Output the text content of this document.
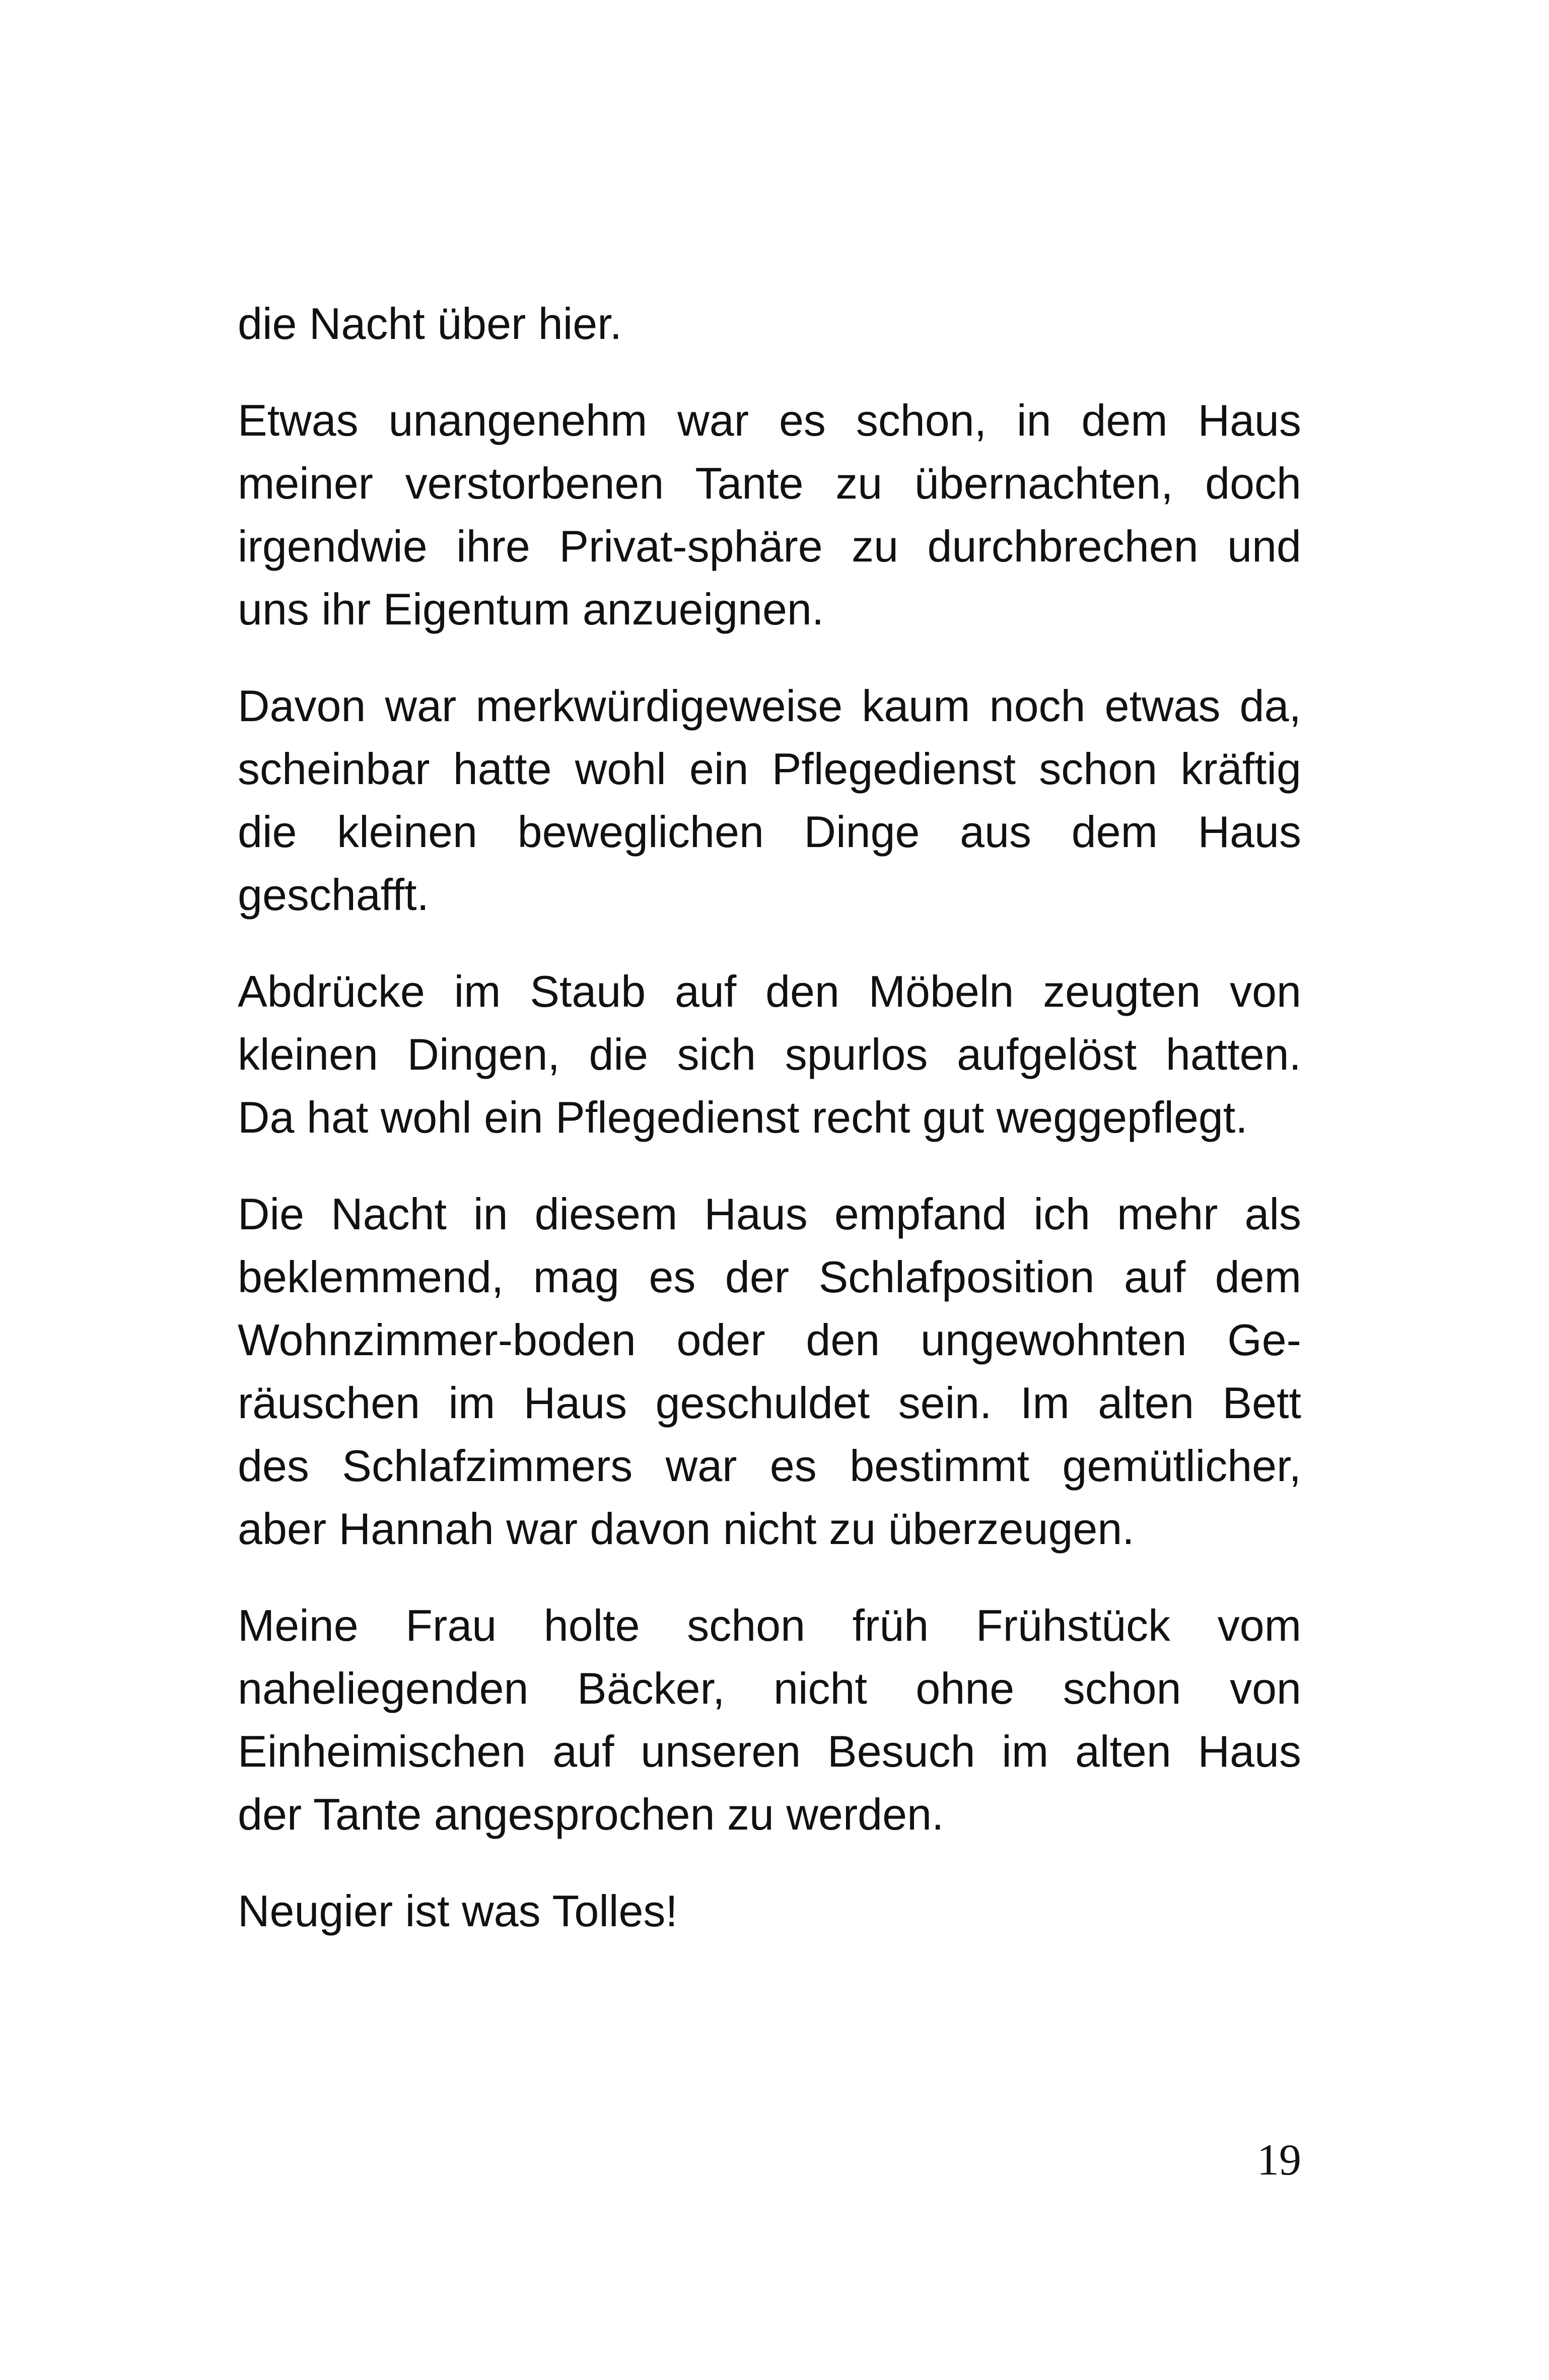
die Nacht über hier.
Etwas unangenehm war es schon, in dem Haus
meiner verstorbenen Tante zu übernachten, doch
irgendwie ihre Privat-sphäre zu durchbrechen und
uns ihr Eigentum anzueignen.
Davon war merkwürdigeweise kaum noch etwas da,
scheinbar hatte wohl ein Pflegedienst schon kräftig
die kleinen beweglichen Dinge aus dem Haus
geschafft.
Abdrücke im Staub auf den Möbeln zeugten von
kleinen Dingen, die sich spurlos aufgelöst hatten.
Da hat wohl ein Pflegedienst recht gut weggepflegt.
Die Nacht in diesem Haus empfand ich mehr als
beklemmend, mag es der Schlafposition auf dem
Wohnzimmer-boden oder den ungewohnten Ge-
räuschen im Haus geschuldet sein. Im alten Bett
des Schlafzimmers war es bestimmt gemütlicher,
aber Hannah war davon nicht zu überzeugen.
Meine Frau holte schon früh Frühstück vom
naheliegenden Bäcker, nicht ohne schon von
Einheimischen auf unseren Besuch im alten Haus
der Tante angesprochen zu werden.
Neugier ist was Tolles!
19
